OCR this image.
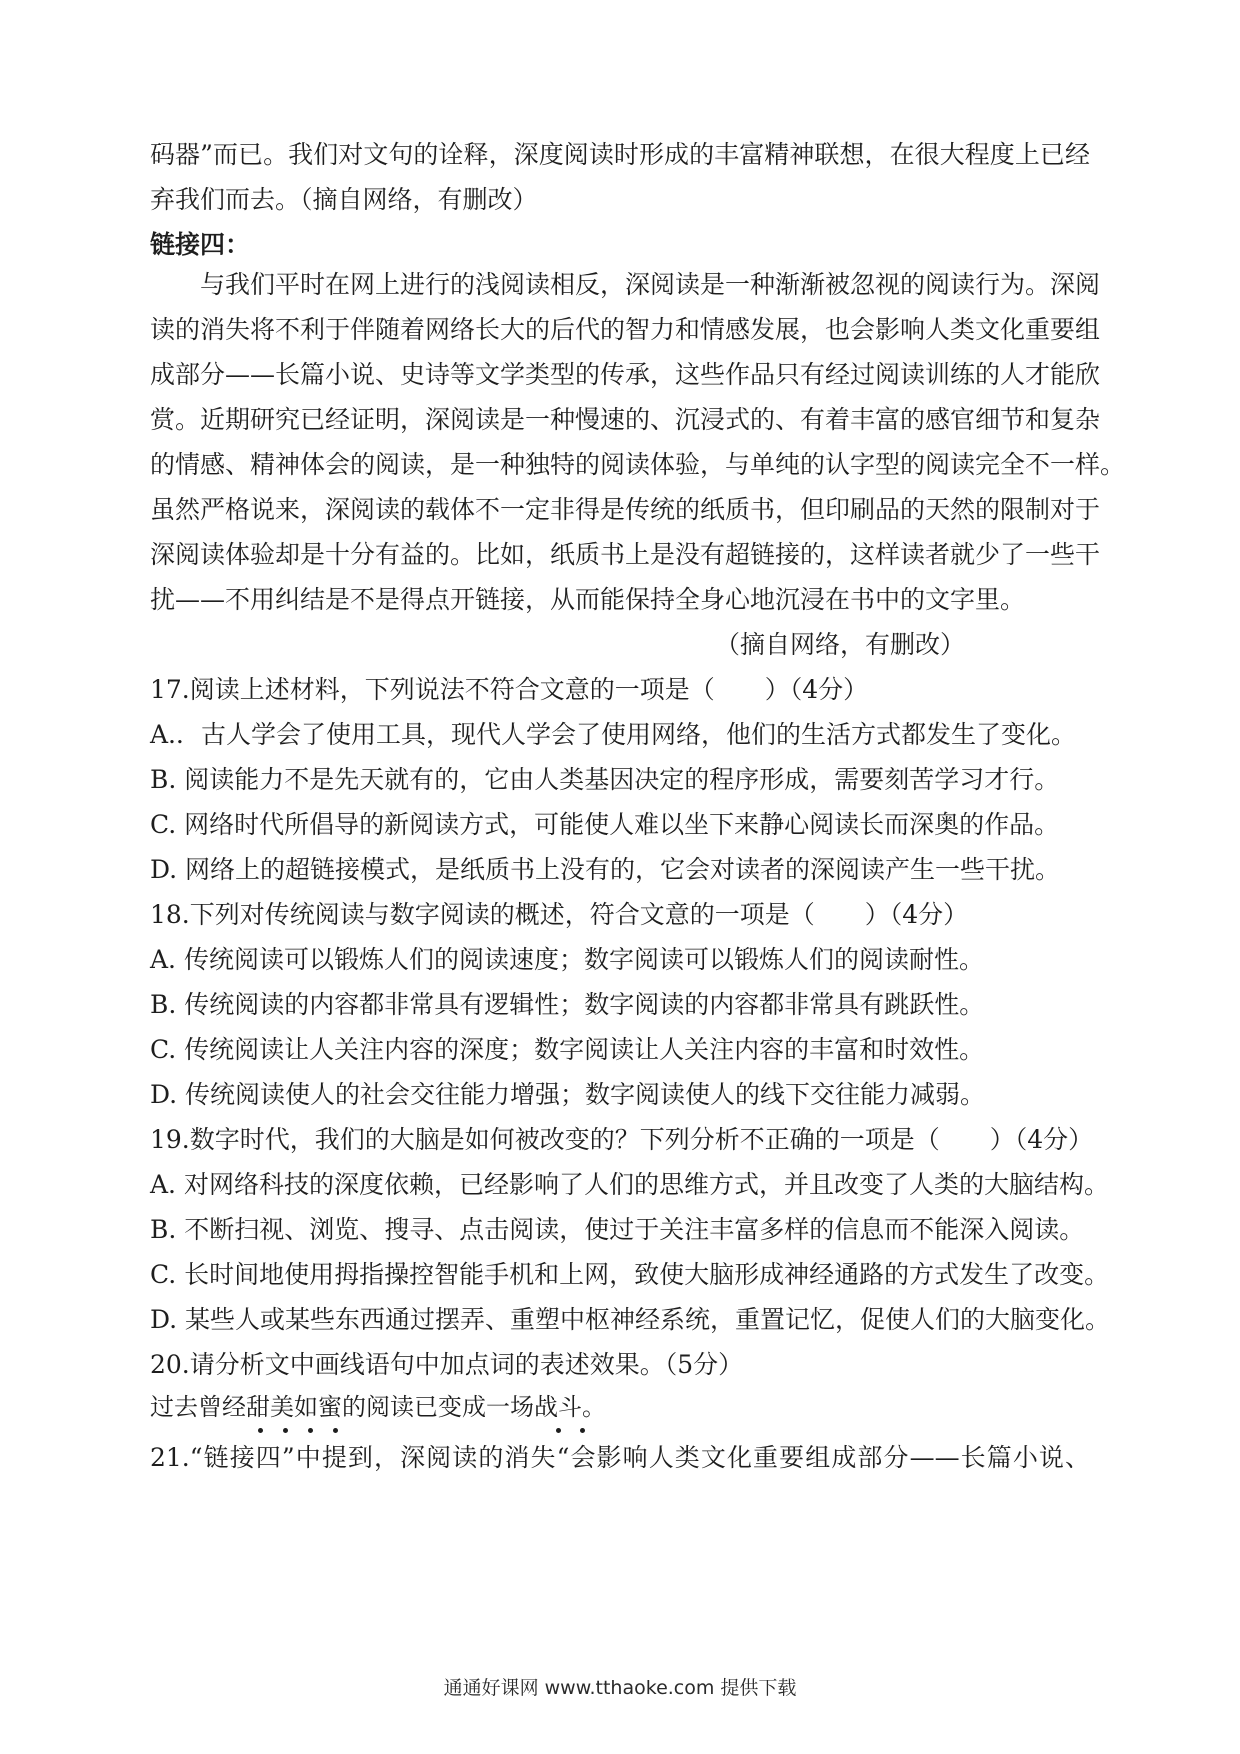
码器”而已。我们对文句的诠释，深度阅读时形成的丰富精神联想，在很大程度上已经
弃我们而去。（摘自网络，有删改）
链接四：
与我们平时在网上进行的浅阅读相反，深阅读是一种渐渐被忽视的阅读行为。深阅
读的消失将不利于伴随着网络长大的后代的智力和情感发展，也会影响人类文化重要组
成部分——长篇小说、史诗等文学类型的传承，这些作品只有经过阅读训练的人才能欣
赏。近期研究已经证明，深阅读是一种慢速的、沉浸式的、有着丰富的感官细节和复杂
的情感、精神体会的阅读，是一种独特的阅读体验，与单纯的认字型的阅读完全不一样。
虽然严格说来，深阅读的载体不一定非得是传统的纸质书，但印刷品的天然的限制对于
深阅读体验却是十分有益的。比如，纸质书上是没有超链接的，这样读者就少了一些干
扰——不用纠结是不是得点开链接，从而能保持全身心地沉浸在书中的文字里。
（摘自网络，有删改）
17.阅读上述材料，下列说法不符合文意的一项是（　　）（4分）
A.．古人学会了使用工具，现代人学会了使用网络，他们的生活方式都发生了变化。
B. 阅读能力不是先天就有的，它由人类基因决定的程序形成，需要刻苦学习才行。
C. 网络时代所倡导的新阅读方式，可能使人难以坐下来静心阅读长而深奥的作品。
D. 网络上的超链接模式，是纸质书上没有的，它会对读者的深阅读产生一些干扰。
18.下列对传统阅读与数字阅读的概述，符合文意的一项是（　　）（4分）
A. 传统阅读可以锻炼人们的阅读速度；数字阅读可以锻炼人们的阅读耐性。
B. 传统阅读的内容都非常具有逻辑性；数字阅读的内容都非常具有跳跃性。
C. 传统阅读让人关注内容的深度；数字阅读让人关注内容的丰富和时效性。
D. 传统阅读使人的社会交往能力增强；数字阅读使人的线下交往能力减弱。
19.数字时代，我们的大脑是如何被改变的？下列分析不正确的一项是（　　）（4分）
A. 对网络科技的深度依赖，已经影响了人们的思维方式，并且改变了人类的大脑结构。
B. 不断扫视、浏览、搜寻、点击阅读，使过于关注丰富多样的信息而不能深入阅读。
C. 长时间地使用拇指操控智能手机和上网，致使大脑形成神经通路的方式发生了改变。
D. 某些人或某些东西通过摆弄、重塑中枢神经系统，重置记忆，促使人们的大脑变化。
20.请分析文中画线语句中加点词的表述效果。（5分）
过去曾经甜美如蜜的阅读已变成一场战斗。
21.“链接四”中提到，深阅读的消失“会影响人类文化重要组成部分——长篇小说、
通通好课网 www.tthaoke.com 提供下载
